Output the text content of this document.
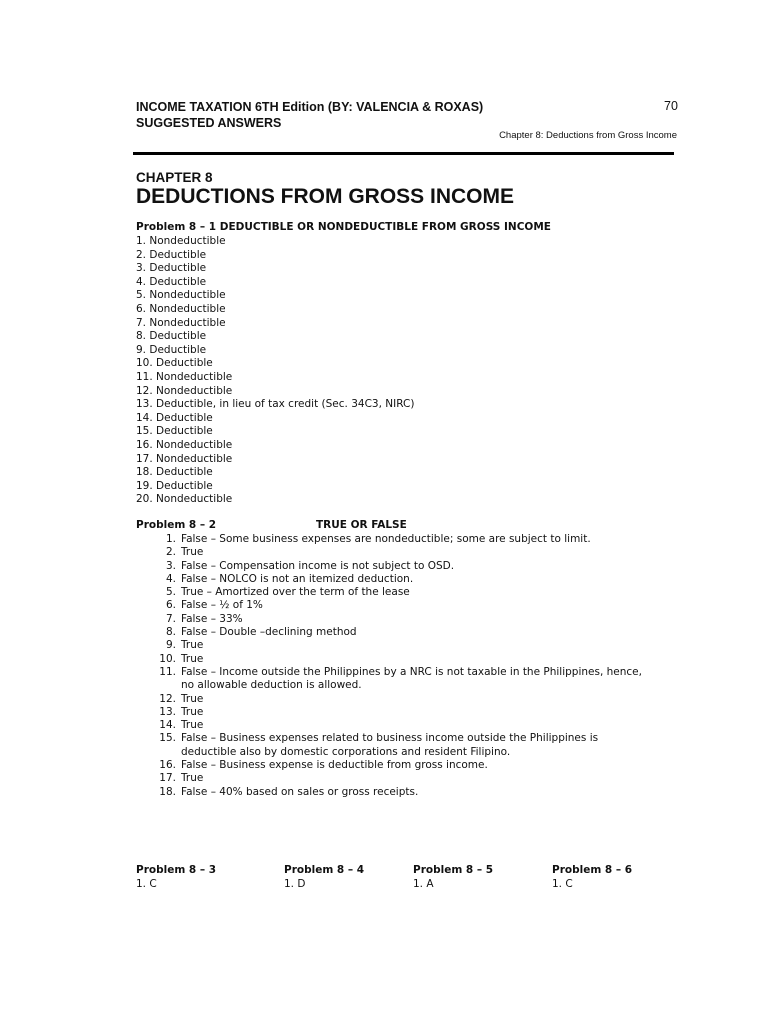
INCOME TAXATION 6TH Edition (BY: VALENCIA & ROXAS)
SUGGESTED ANSWERS
70
Chapter 8: Deductions from Gross Income
CHAPTER 8
DEDUCTIONS FROM GROSS INCOME
Problem 8 – 1 DEDUCTIBLE OR NONDEDUCTIBLE FROM GROSS INCOME
1. Nondeductible
2. Deductible
3. Deductible
4. Deductible
5. Nondeductible
6. Nondeductible
7. Nondeductible
8. Deductible
9. Deductible
10. Deductible
11. Nondeductible
12. Nondeductible
13. Deductible, in lieu of tax credit (Sec. 34C3, NIRC)
14. Deductible
15. Deductible
16. Nondeductible
17. Nondeductible
18. Deductible
19. Deductible
20. Nondeductible
Problem 8 – 2	TRUE OR FALSE
1. False – Some business expenses are nondeductible; some are subject to limit.
2. True
3. False – Compensation income is not subject to OSD.
4. False – NOLCO is not an itemized deduction.
5. True – Amortized over the term of the lease
6. False – ½ of 1%
7. False – 33%
8. False – Double –declining method
9. True
10. True
11. False – Income outside the Philippines by a NRC is not taxable in the Philippines, hence, no allowable deduction is allowed.
12. True
13. True
14. True
15. False – Business expenses related to business income outside the Philippines is deductible also by domestic corporations and resident Filipino.
16. False – Business expense is deductible from gross income.
17. True
18. False – 40% based on sales or gross receipts.
Problem 8 – 3
1. C
Problem 8 – 4
1. D
Problem 8 – 5
1. A
Problem 8 – 6
1. C
